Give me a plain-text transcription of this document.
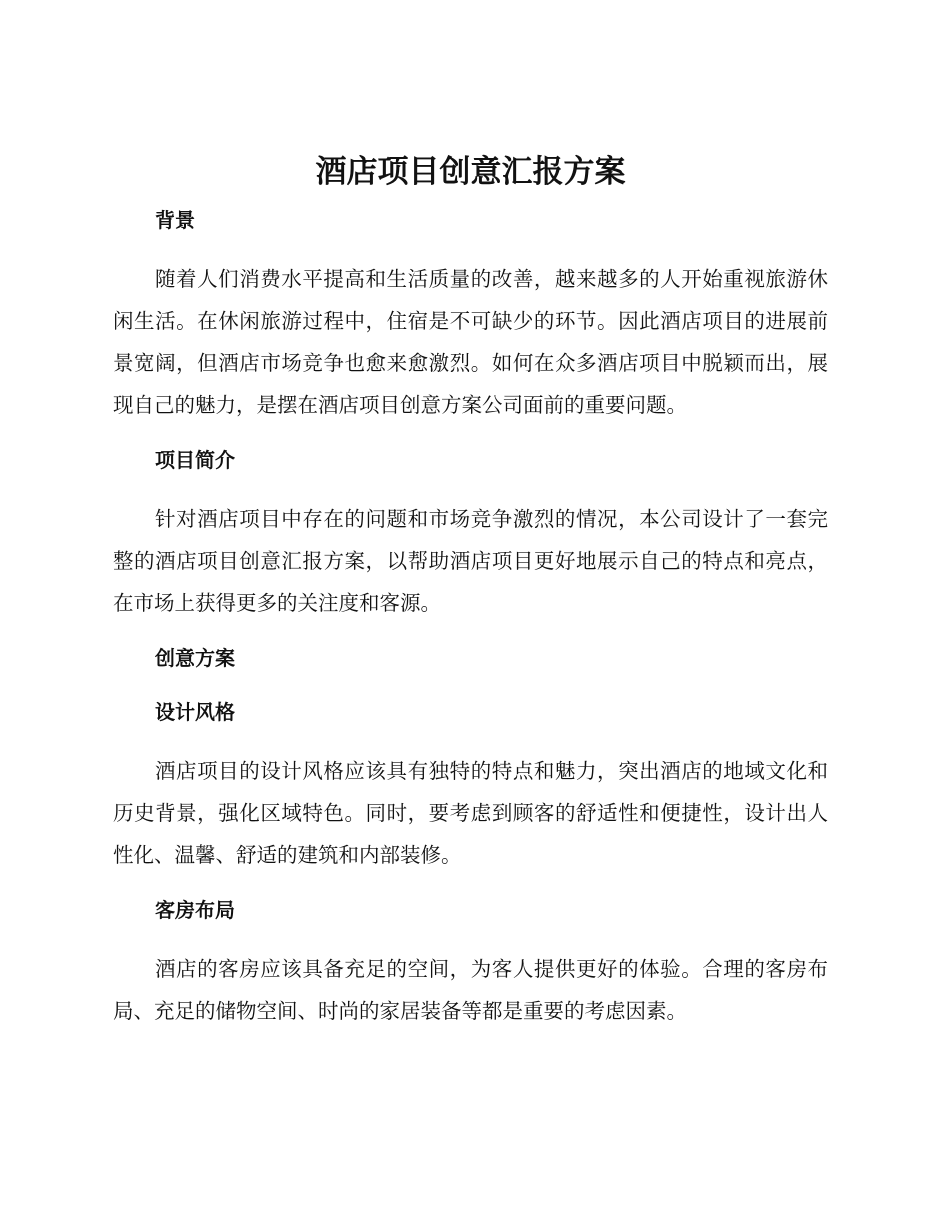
酒店项目创意汇报方案
背景

随着人们消费水平提高和生活质量的改善，越来越多的人开始重视旅游休闲生活。在休闲旅游过程中，住宿是不可缺少的环节。因此酒店项目的进展前景宽阔，但酒店市场竞争也愈来愈激烈。如何在众多酒店项目中脱颖而出，展现自己的魅力，是摆在酒店项目创意方案公司面前的重要问题。

项目简介

针对酒店项目中存在的问题和市场竞争激烈的情况，本公司设计了一套完整的酒店项目创意汇报方案，以帮助酒店项目更好地展示自己的特点和亮点，在市场上获得更多的关注度和客源。

创意方案
设计风格

酒店项目的设计风格应该具有独特的特点和魅力，突出酒店的地域文化和历史背景，强化区域特色。同时，要考虑到顾客的舒适性和便捷性，设计出人性化、温馨、舒适的建筑和内部装修。

客房布局

酒店的客房应该具备充足的空间，为客人提供更好的体验。合理的客房布局、充足的储物空间、时尚的家居装备等都是重要的考虑因素。
